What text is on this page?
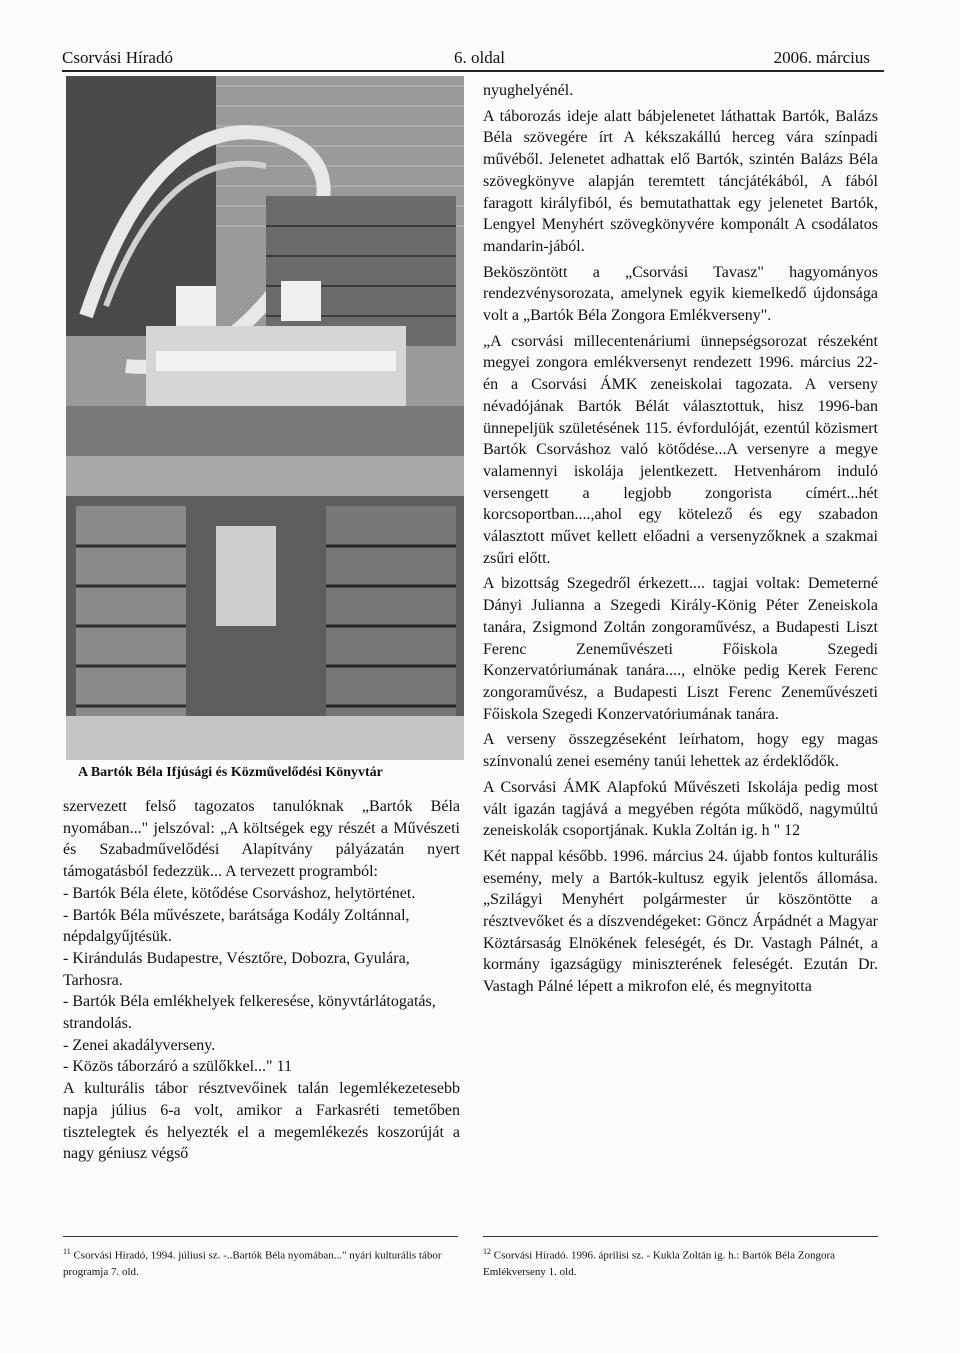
Csorvási Híradó	6. oldal	2006. március
A Bartók Béla Ifjúsági és Közművelődési Könyvtár

szervezett felső tagozatos tanulóknak „Bartók Béla nyomában..." jelszóval: „A költségek egy részét a Művészeti és Szabadművelődési Alapítvány pályázatán nyert támogatásból fedezzük... A tervezett programból:

- Bartók Béla élete, kötődése Csorváshoz, helytörténet.

- Bartók Béla művészete, barátsága Kodály Zoltánnal, népdalgyűjtésük.

- Kirándulás Budapestre, Vésztőre, Dobozra, Gyulára, Tarhosra.

- Bartók Béla emlékhelyek felkeresése, könyvtárlátogatás, strandolás.

- Zenei akadályverseny.

- Közös táborzáró a szülőkkel..." 11

A kulturális tábor résztvevőinek talán legemlékezetesebb napja július 6-a volt, amikor a Farkasréti temetőben tisztelegtek és helyezték el a megemlékezés koszorúját a nagy géniusz végső

nyughelyénél.

A táborozás ideje alatt bábjelenetet láthattak Bartók, Balázs Béla szövegére írt A kékszakállú herceg vára színpadi művéből. Jelenetet adhattak elő Bartók, szintén Balázs Béla szövegkönyve alapján teremtett táncjátékából, A fából faragott királyfiból, és bemutathattak egy jelenetet Bartók, Lengyel Menyhért szövegkönyvére komponált A csodálatos mandarin-jából.

Beköszöntött a „Csorvási Tavasz" hagyományos rendezvénysorozata, amelynek egyik kiemelkedő újdonsága volt a „Bartók Béla Zongora Emlékverseny".

„A csorvási millecentenáriumi ünnepségsorozat részeként megyei zongora emlékversenyt rendezett 1996. március 22-én a Csorvási ÁMK zeneiskolai tagozata. A verseny névadójának Bartók Bélát választottuk, hisz 1996-ban ünnepeljük születésének 115. évfordulóját, ezentúl közismert Bartók Csorváshoz való kötődése...A versenyre a megye valamennyi iskolája jelentkezett. Hetvenhárom induló versengett a legjobb zongorista címért...hét korcsoportban....,ahol egy kötelező és egy szabadon választott művet kellett előadni a versenyzőknek a szakmai zsűri előtt.

A bizottság Szegedről érkezett.... tagjai voltak: Demeterné Dányi Julianna a Szegedi Király-König Péter Zeneiskola tanára, Zsigmond Zoltán zongoraművész, a Budapesti Liszt Ferenc Zeneművészeti Főiskola Szegedi Konzervatóriumának tanára...., elnöke pedig Kerek Ferenc zongoraművész, a Budapesti Liszt Ferenc Zeneművészeti Főiskola Szegedi Konzervatóriumának tanára.

A verseny összegzéseként leírhatom, hogy egy magas színvonalú zenei esemény tanúi lehettek az érdeklődők.

A Csorvási ÁMK Alapfokú Művészeti Iskolája pedig most vált igazán tagjává a megyében régóta működő, nagymúltú zeneiskolák csoportjának. Kukla Zoltán ig. h " 12

Két nappal később. 1996. március 24. újabb fontos kulturális esemény, mely a Bartók-kultusz egyik jelentős állomása. „Szilágyi Menyhért polgármester úr köszöntötte a résztvevőket és a díszvendégeket: Göncz Árpádnét a Magyar Köztársaság Elnökének feleségét, és Dr. Vastagh Pálnét, a kormány igazságügy miniszterének feleségét. Ezután Dr. Vastagh Pálné lépett a mikrofon elé, és megnyitotta

$^{11}$ Csorvási Híradó, 1994. júliusi sz. -..Bartók Béla nyomában..." nyári kulturális tábor programja 7. old.
$^{12}$ Csorvási Híradó. 1996. áprilisi sz. - Kukla Zoltán ig. h.: Bartók Béla Zongora Emlékverseny 1. old.
